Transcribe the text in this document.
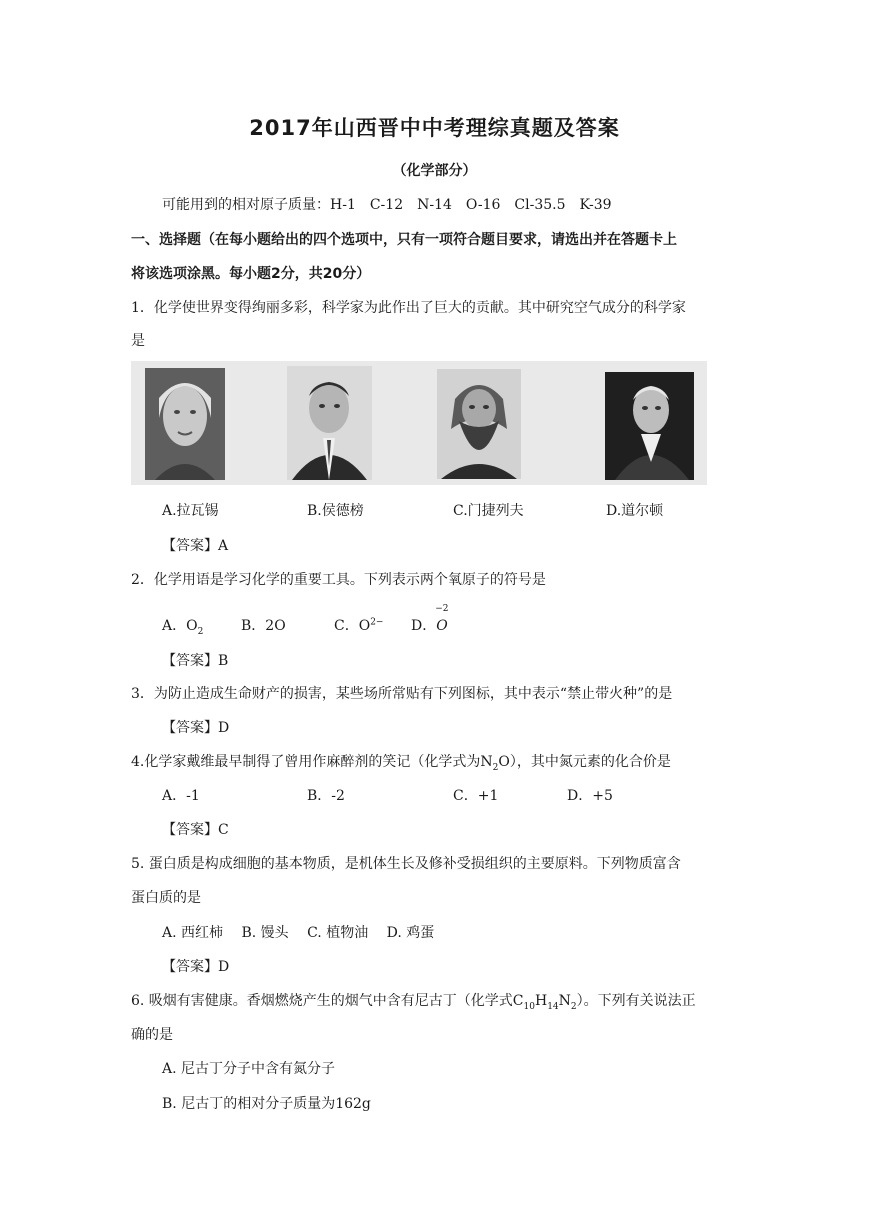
2017年山西晋中中考理综真题及答案
（化学部分）
可能用到的相对原子质量：H-1　C-12　N-14　O-16　Cl-35.5　K-39
一、选择题（在每小题给出的四个选项中，只有一项符合题目要求，请选出并在答题卡上
将该选项涂黑。每小题2分，共20分）
1．化学使世界变得绚丽多彩，科学家为此作出了巨大的贡献。其中研究空气成分的科学家
是
A.拉瓦锡	B.侯德榜	C.门捷列夫	D.道尔顿
【答案】A
2．化学用语是学习化学的重要工具。下列表示两个氧原子的符号是
A．$O_2$	B．2O	C．$O^{2-}$ D．
−2
O
【答案】B
3．为防止造成生命财产的损害，某些场所常贴有下列图标，其中表示“禁止带火种”的是
【答案】D
4.化学家戴维最早制得了曾用作麻醉剂的笑记（化学式为$N_2O$），其中氮元素的化合价是
A．-1	B．-2	C．+1	D．+5
【答案】C
5. 蛋白质是构成细胞的基本物质，是机体生长及修补受损组织的主要原料。下列物质富含
蛋白质的是
A. 西红柿　 B. 馒头　 C. 植物油　 D. 鸡蛋
【答案】D
6. 吸烟有害健康。香烟燃烧产生的烟气中含有尼古丁（化学式$C_{10}H_{14}N_2$）。下列有关说法正
确的是
A. 尼古丁分子中含有氮分子
B. 尼古丁的相对分子质量为162g
